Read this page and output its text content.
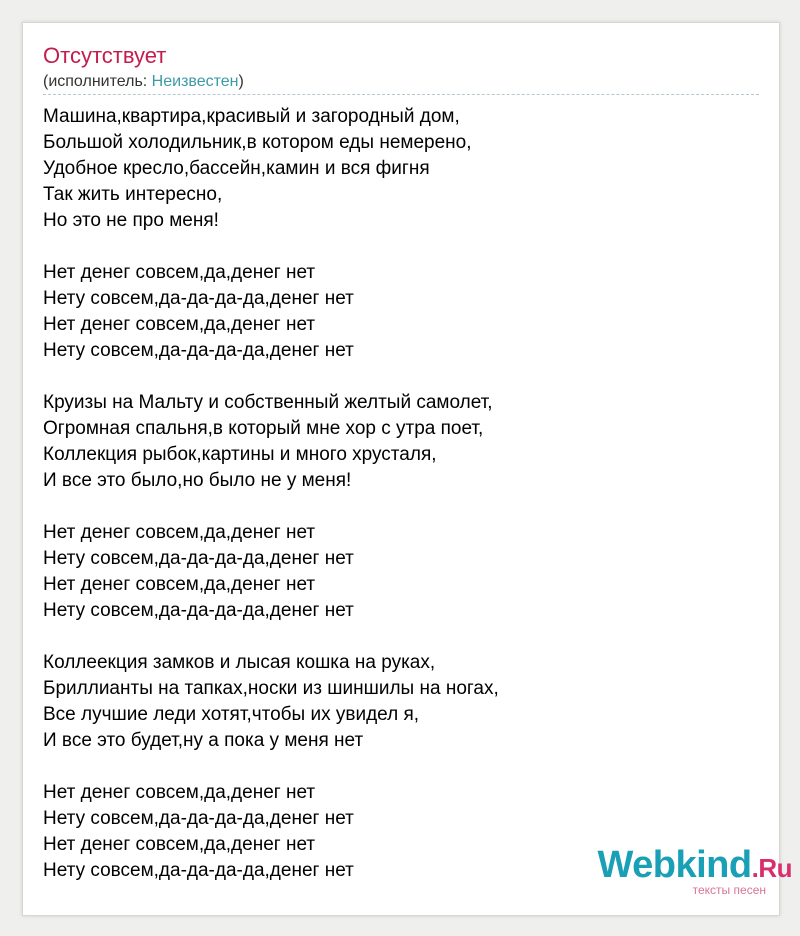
Отсутствует
(исполнитель: Неизвестен)
Машина,квартира,красивый и загородный дом,
Большой холодильник,в котором еды немерено,
Удобное кресло,бассейн,камин и вся фигня
Так жить интересно,
Но это не про меня!
Нет денег совсем,да,денег нет
Нету совсем,да-да-да-да,денег нет
Нет денег совсем,да,денег нет
Нету совсем,да-да-да-да,денег нет
Круизы на Мальту и собственный желтый самолет,
Огромная спальня,в который мне хор с утра поет,
Коллекция рыбок,картины и много хрусталя,
И все это было,но было не у меня!
Нет денег совсем,да,денег нет
Нету совсем,да-да-да-да,денег нет
Нет денег совсем,да,денег нет
Нету совсем,да-да-да-да,денег нет
Коллеекция замков и лысая кошка на руках,
Бриллианты на тапках,носки из шиншилы на ногах,
Все лучшие леди хотят,чтобы их увидел я,
И все это будет,ну а пока у меня нет
Нет денег совсем,да,денег нет
Нету совсем,да-да-да-да,денег нет
Нет денег совсем,да,денег нет
Нету совсем,да-да-да-да,денег нет	Webkind.Ru
тексты песен
